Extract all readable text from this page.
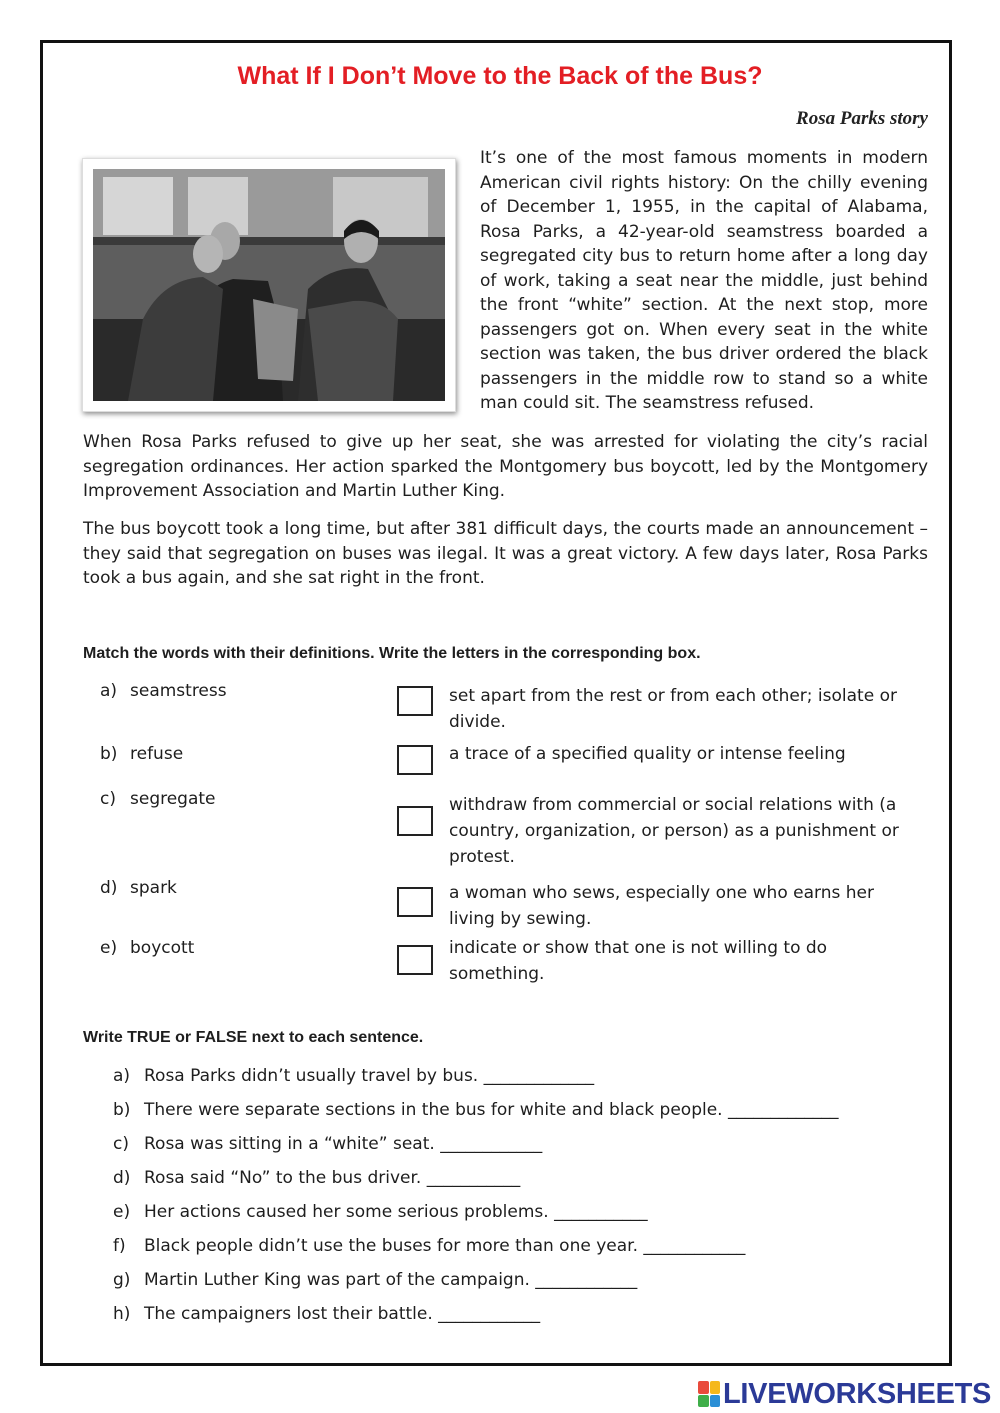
What If I Don’t Move to the Back of the Bus?
Rosa Parks story
It’s one of the most famous moments in modern American civil rights history: On the chilly evening of December 1, 1955, in the capital of Alabama, Rosa Parks, a 42-year-old seamstress boarded a segregated city bus to return home after a long day of work, taking a seat near the middle, just behind the front “white” section. At the next stop, more passengers got on. When every seat in the white section was taken, the bus driver ordered the black passengers in the middle row to stand so a white man could sit. The seamstress refused.
When Rosa Parks refused to give up her seat, she was arrested for violating the city’s racial segregation ordinances. Her action sparked the Montgomery bus boycott, led by the Montgomery Improvement Association and Martin Luther King.
The bus boycott took a long time, but after 381 difficult days, the courts made an announcement – they said that segregation on buses was ilegal. It was a great victory. A few days later, Rosa Parks took a bus again, and she sat right in the front.
Match the words with their definitions. Write the letters in the corresponding box.
a) seamstress
b) refuse
c) segregate
d) spark
e) boycott
set apart from the rest or from each other; isolate or divide.
a trace of a specified quality or intense feeling
withdraw from commercial or social relations with (a country, organization, or person) as a punishment or protest.
a woman who sews, especially one who earns her living by sewing.
indicate or show that one is not willing to do something.
Write TRUE or FALSE next to each sentence.
a) Rosa Parks didn’t usually travel by bus. _____________
b) There were separate sections in the bus for white and black people. _____________
c) Rosa was sitting in a “white” seat. ____________
d) Rosa said “No” to the bus driver. ___________
e) Her actions caused her some serious problems. ___________
f) Black people didn’t use the buses for more than one year. ____________
g) Martin Luther King was part of the campaign. ____________
h) The campaigners lost their battle. ____________
LIVEWORKSHEETS
